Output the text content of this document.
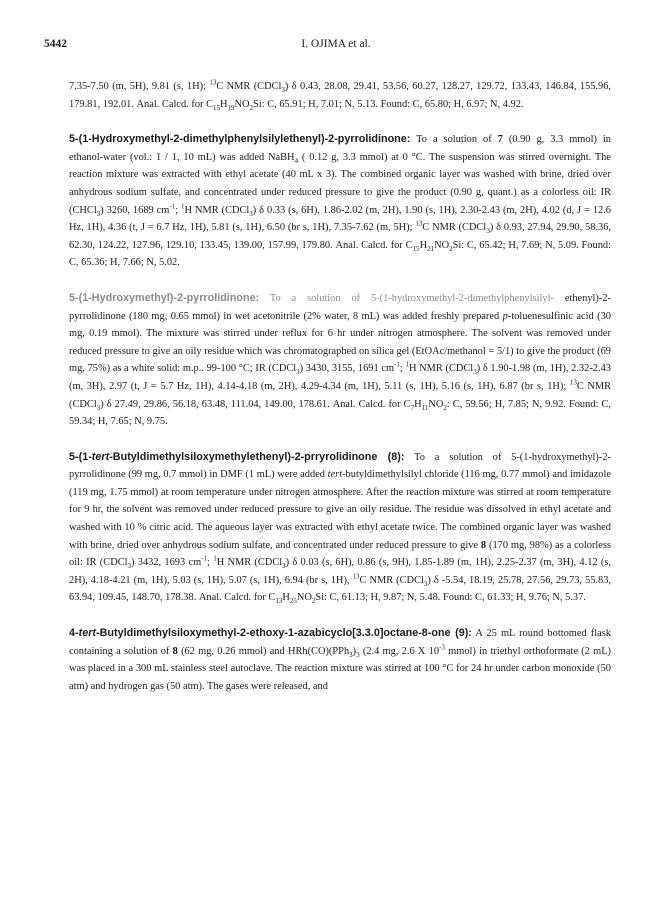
5442	I. OJIMA et al.

7.35-7.50 (m, 5H), 9.81 (s, 1H); $^{13}$C NMR (CDCl$_3$) δ 0.43, 28.08, 29.41, 53.56, 60.27, 128.27, 129.72, 133.43, 146.84, 155.96, 179.81, 192.01. Anal. Calcd. for $C_{15}H_{19}NO_2Si$: C, 65.91; H, 7.01; N, 5.13. Found: C, 65.80; H, 6.97; N, 4.92.

5-(1-Hydroxymethyl-2-dimethylphenylsilylethenyl)-2-pyrrolidinone: To a solution of 7 (0.90 g, 3.3 mmol) in ethanol-water (vol.: 1 / 1, 10 mL) was added NaBH$_4$ ( 0.12 g, 3.3 mmol) at 0 °C. The suspension was stirred overnight. The reaction mixture was extracted with ethyl acetate (40 mL x 3). The combined organic layer was washed with brine, dried over anhydrous sodium sulfate, and concentrated under reduced pressure to give the product (0.90 g, quant.) as a colorless oil: IR (CHCl$_3$) 3260, 1689 $cm^{-1}$; $^1$H NMR (CDCl$_3$) δ 0.33 (s, 6H), 1.86-2.02 (m, 2H), 1.90 (s, 1H), 2.30-2.43 (m, 2H), 4.02 (d, J = 12.6 Hz, 1H), 4.36 (t, J = 6.7 Hz, 1H), 5.81 (s, 1H), 6.50 (br s, 1H), 7.35-7.62 (m, 5H); $^{13}$C NMR (CDCl$_3$) δ 0.93, 27.94, 29.90, 58.36, 62.30, 124.22, 127.96, 129.10, 133.45, 139.00, 157.99, 179.80. Anal. Calcd. for $C_{15}H_{21}NO_2Si$: C, 65.42; H, 7.69; N, 5.09. Found: C, 65.36; H, 7.66; N, 5.02.

5-(1-Hydroxymethyl)-2-pyrrolidinone: To a solution of 5-(1-hydroxymethyl-2-dimethylphenylsilyl- ethenyl)-2-pyrrolidinone (180 mg, 0.65 mmol) in wet acetonitrile (2% water, 8 mL) was added freshly prepared p-toluenesulfinic acid (30 mg, 0.19 mmol). The mixture was stirred under reflux for 6 hr under nitrogen atmosphere. The solvent was removed under reduced pressure to give an oily residue which was chromatographed on silica gel (EtOAc/methanol = 5/1) to give the product (69 mg, 75%) as a white solid: m.p.. 99-100 °C; IR (CDCl$_3$) 3430, 3155, 1691 $cm^{-1}$; $^1$H NMR (CDCl$_3$) δ 1.90-1.98 (m, 1H), 2.32-2.43 (m, 3H), 2.97 (t, J = 5.7 Hz, 1H), 4.14-4.18 (m, 2H), 4.29-4.34 (m, 1H), 5.11 (s, 1H), 5.16 (s, 1H), 6.87 (br s, 1H); $^{13}$C NMR (CDCl$_3$) δ 27.49, 29.86, 56.18, 63.48, 111.04, 149.00, 178.61. Anal. Calcd. for $C_7H_{11}NO_2$: C, 59.56; H, 7.85; N, 9.92. Found: C, 59.34; H, 7.65; N, 9.75.

5-(1-tert-Butyldimethylsiloxymethylethenyl)-2-prryrolidinone (8): To a solution of 5-(1-hydroxymethyl)-2-pyrrolidinone (99 mg, 0.7 mmol) in DMF (1 mL) were added tert-butyldimethylsilyl chloride (116 mg, 0.77 mmol) and imidazole (119 mg, 1.75 mmol) at room temperature under nitrogen atmosphere. After the reaction mixture was stirred at room temperature for 9 hr, the solvent was removed under reduced pressure to give an oily residue. The residue was dissolved in ethyl acetate and washed with 10 % citric acid. The aqueous layer was extracted with ethyl acetate twice. The combined organic layer was washed with brine, dried over anhydrous sodium sulfate, and concentrated under reduced pressure to give 8 (170 mg, 98%) as a colorless oil: IR (CDCl$_3$) 3432, 1693 $cm^{-1}$; $^1$H NMR (CDCl$_3$) δ 0.03 (s, 6H), 0.86 (s, 9H), 1.85-1.89 (m, 1H), 2.25-2.37 (m, 3H), 4.12 (s, 2H), 4.18-4.21 (m, 1H), 5.03 (s, 1H), 5.07 (s, 1H), 6.94 (br s, 1H), $^{13}$C NMR (CDCl$_3$) δ -5.54, 18.19, 25.78, 27.56, 29.73, 55.83, 63.94, 109.45, 148.70, 178.38. Anal. Calcd. for $C_{13}H_{25}NO_2Si$: C, 61.13; H, 9.87; N, 5.48. Found: C, 61.33; H, 9.76; N, 5.37.

4-tert-Butyldimethylsiloxymethyl-2-ethoxy-1-azabicyclo[3.3.0]octane-8-one (9): A 25 mL round bottomed flask containing a solution of 8 (62 mg, 0.26 mmol) and $HRh(CO)(PPh_3)_3$ (2.4 mg, 2.6 X $10^{-3}$ mmol) in triethyl orthoformate (2 mL) was placed in a 300 mL stainless steel autoclave. The reaction mixture was stirred at 100 °C for 24 hr under carbon monoxide (50 atm) and hydrogen gas (50 atm). The gases were released, and
